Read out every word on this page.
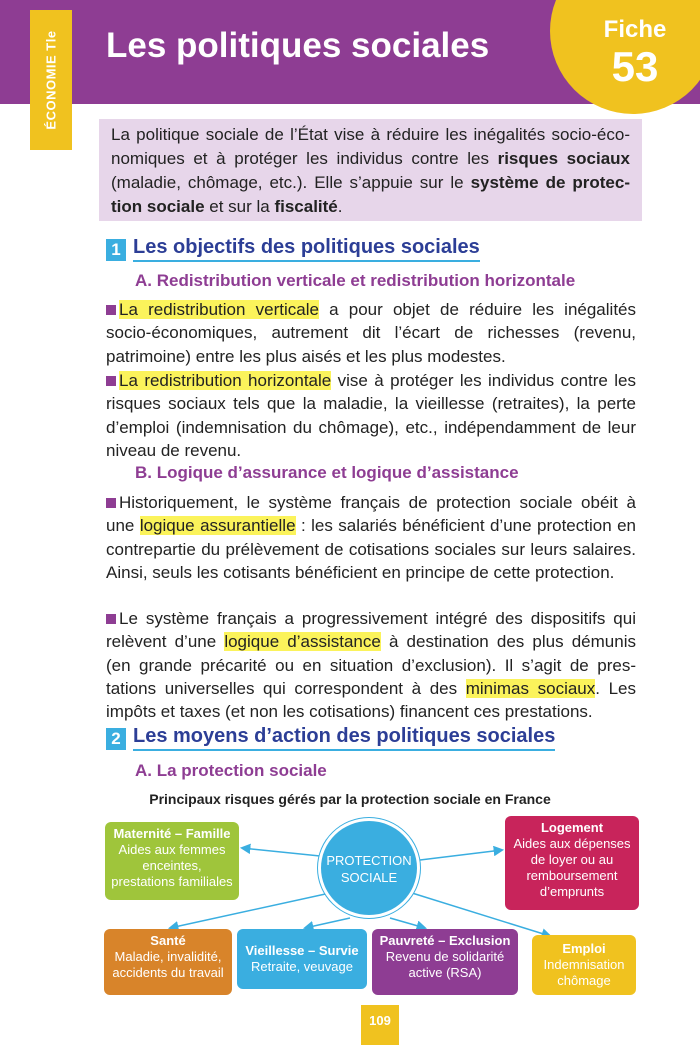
Les politiques sociales	Fiche
53
ÉCONOMIE Tle
La politique sociale de l’État vise à réduire les inégalités socio-économiques et à protéger les individus contre les risques sociaux (maladie, chômage, etc.). Elle s’appuie sur le système de protection sociale et sur la fiscalité.
1 Les objectifs des politiques sociales
A. Redistribution verticale et redistribution horizontale
La redistribution verticale a pour objet de réduire les inégalités socio-économiques, autrement dit l’écart de richesses (revenu, patrimoine) entre les plus aisés et les plus modestes.
La redistribution horizontale vise à protéger les individus contre les risques sociaux tels que la maladie, la vieillesse (retraites), la perte d’emploi (indemnisation du chômage), etc., indépendamment de leur niveau de revenu.
B. Logique d’assurance et logique d’assistance
Historiquement, le système français de protection sociale obéit à une logique assurantielle : les salariés bénéficient d’une protection en contrepartie du prélèvement de cotisations sociales sur leurs salaires. Ainsi, seuls les cotisants bénéficient en principe de cette protection.
Le système français a progressivement intégré des dispositifs qui relèvent d’une logique d’assistance à destination des plus démunis (en grande précarité ou en situation d’exclusion). Il s’agit de prestations universelles qui correspondent à des minimas sociaux. Les impôts et taxes (et non les cotisations) financent ces prestations.
2 Les moyens d’action des politiques sociales
A. La protection sociale
Principaux risques gérés par la protection sociale en France
PROTECTION
SOCIALE
Maternité – Famille
Aides aux femmes
enceintes,
prestations familiales
Logement
Aides aux dépenses
de loyer ou au
remboursement
d’emprunts
Santé
Maladie, invalidité,
accidents du travail
Vieillesse – Survie
Retraite, veuvage
Pauvreté – Exclusion
Revenu de solidarité
active (RSA)
Emploi
Indemnisation
chômage
109
